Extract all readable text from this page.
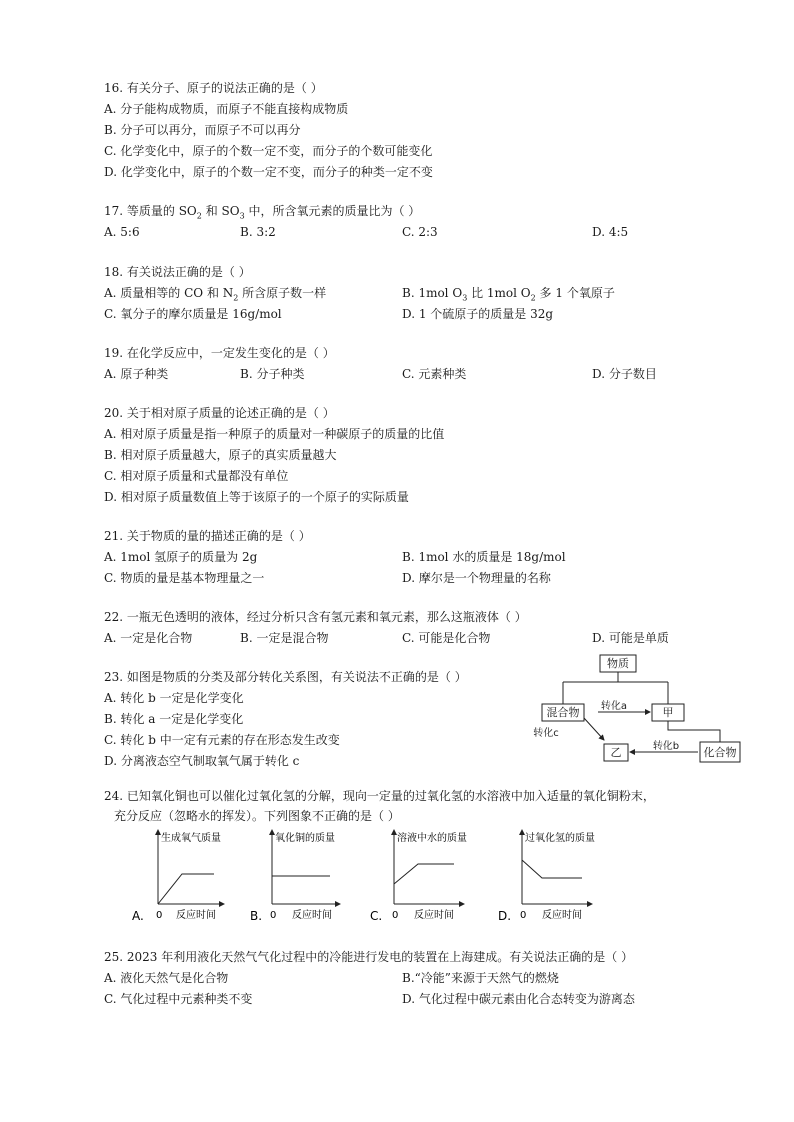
16. 有关分子、原子的说法正确的是（ ）
A. 分子能构成物质，而原子不能直接构成物质
B. 分子可以再分，而原子不可以再分
C. 化学变化中，原子的个数一定不变，而分子的个数可能变化
D. 化学变化中，原子的个数一定不变，而分子的种类一定不变
17. 等质量的 $SO_2$ 和 $SO_3$ 中，所含氧元素的质量比为（ ）
A. 5:6	B. 3:2	C. 2:3	D. 4:5
18. 有关说法正确的是（ ）
A. 质量相等的 CO 和 $N_2$ 所含原子数一样	B. 1mol $O_3$ 比 1mol $O_2$ 多 1 个氧原子
C. 氧分子的摩尔质量是 16g/mol	D. 1 个硫原子的质量是 32g
19. 在化学反应中，一定发生变化的是（ ）
A. 原子种类	B. 分子种类	C. 元素种类	D. 分子数目
20. 关于相对原子质量的论述正确的是（ ）
A. 相对原子质量是指一种原子的质量对一种碳原子的质量的比值
B. 相对原子质量越大，原子的真实质量越大
C. 相对原子质量和式量都没有单位
D. 相对原子质量数值上等于该原子的一个原子的实际质量
21. 关于物质的量的描述正确的是（ ）
A. 1mol 氢原子的质量为 2g	B. 1mol 水的质量是 18g/mol
C. 物质的量是基本物理量之一	D. 摩尔是一个物理量的名称
22. 一瓶无色透明的液体，经过分析只含有氢元素和氧元素，那么这瓶液体（ ）
A. 一定是化合物	B. 一定是混合物	C. 可能是化合物	D. 可能是单质
23. 如图是物质的分类及部分转化关系图，有关说法不正确的是（ ）
A. 转化 b 一定是化学变化
B. 转化 a 一定是化学变化
C. 转化 b 中一定有元素的存在形态发生改变
D. 分离液态空气制取氧气属于转化 c
物质
混合物	甲
乙	化合物
转化a
转化c
转化b
24. 已知氧化铜也可以催化过氧化氢的分解，现向一定量的过氧化氢的水溶液中加入适量的氧化铜粉末，
充分反应（忽略水的挥发）。下列图象不正确的是（ ）
生成氧气质量
0 反应时间
A.
氧化铜的质量
0 反应时间
B.
溶液中水的质量
0 反应时间
C.
过氧化氢的质量
0 反应时间
D.
25. 2023 年利用液化天然气气化过程中的冷能进行发电的装置在上海建成。有关说法正确的是（ ）
A. 液化天然气是化合物	B.“冷能”来源于天然气的燃烧
C. 气化过程中元素种类不变	D. 气化过程中碳元素由化合态转变为游离态
